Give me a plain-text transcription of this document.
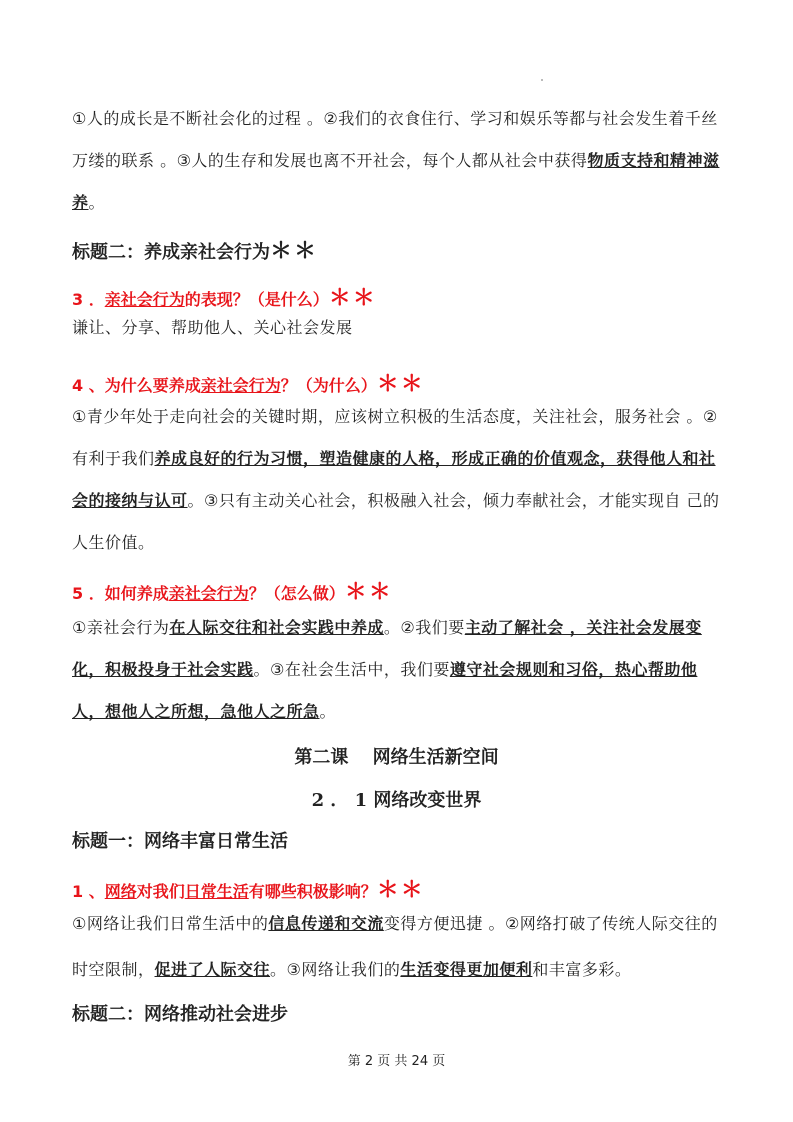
①人的成长是不断社会化的过程 。②我们的衣食住行、学习和娱乐等都与社会发生着千丝万缕的联系 。③人的生存和发展也离不开社会，每个人都从社会中获得物质支持和精神滋养。
标题二：养成亲社会行为＊＊
3 ．亲社会行为的表现？（是什么）＊＊
谦让、分享、帮助他人、关心社会发展
4 、为什么要养成亲社会行为？（为什么）＊＊
①青少年处于走向社会的关键时期，应该树立积极的生活态度，关注社会，服务社会 。②有利于我们养成良好的行为习惯，塑造健康的人格，形成正确的价值观念，获得他人和社会的接纳与认可。③只有主动关心社会，积极融入社会，倾力奉献社会，才能实现自 己的人生价值。
5 ．如何养成亲社会行为？（怎么做）＊＊
①亲社会行为在人际交往和社会实践中养成。②我们要主动了解社会 ，关注社会发展变化，积极投身于社会实践。③在社会生活中，我们要遵守社会规则和习俗，热心帮助他人，想他人之所想，急他人之所急。
第二课　 网络生活新空间
2 ． 1 网络改变世界
标题一：网络丰富日常生活
1 、网络对我们日常生活有哪些积极影响？＊＊
①网络让我们日常生活中的信息传递和交流变得方便迅捷 。②网络打破了传统人际交往的时空限制，促进了人际交往。③网络让我们的生活变得更加便利和丰富多彩。
标题二：网络推动社会进步
第 2 页 共 24 页
